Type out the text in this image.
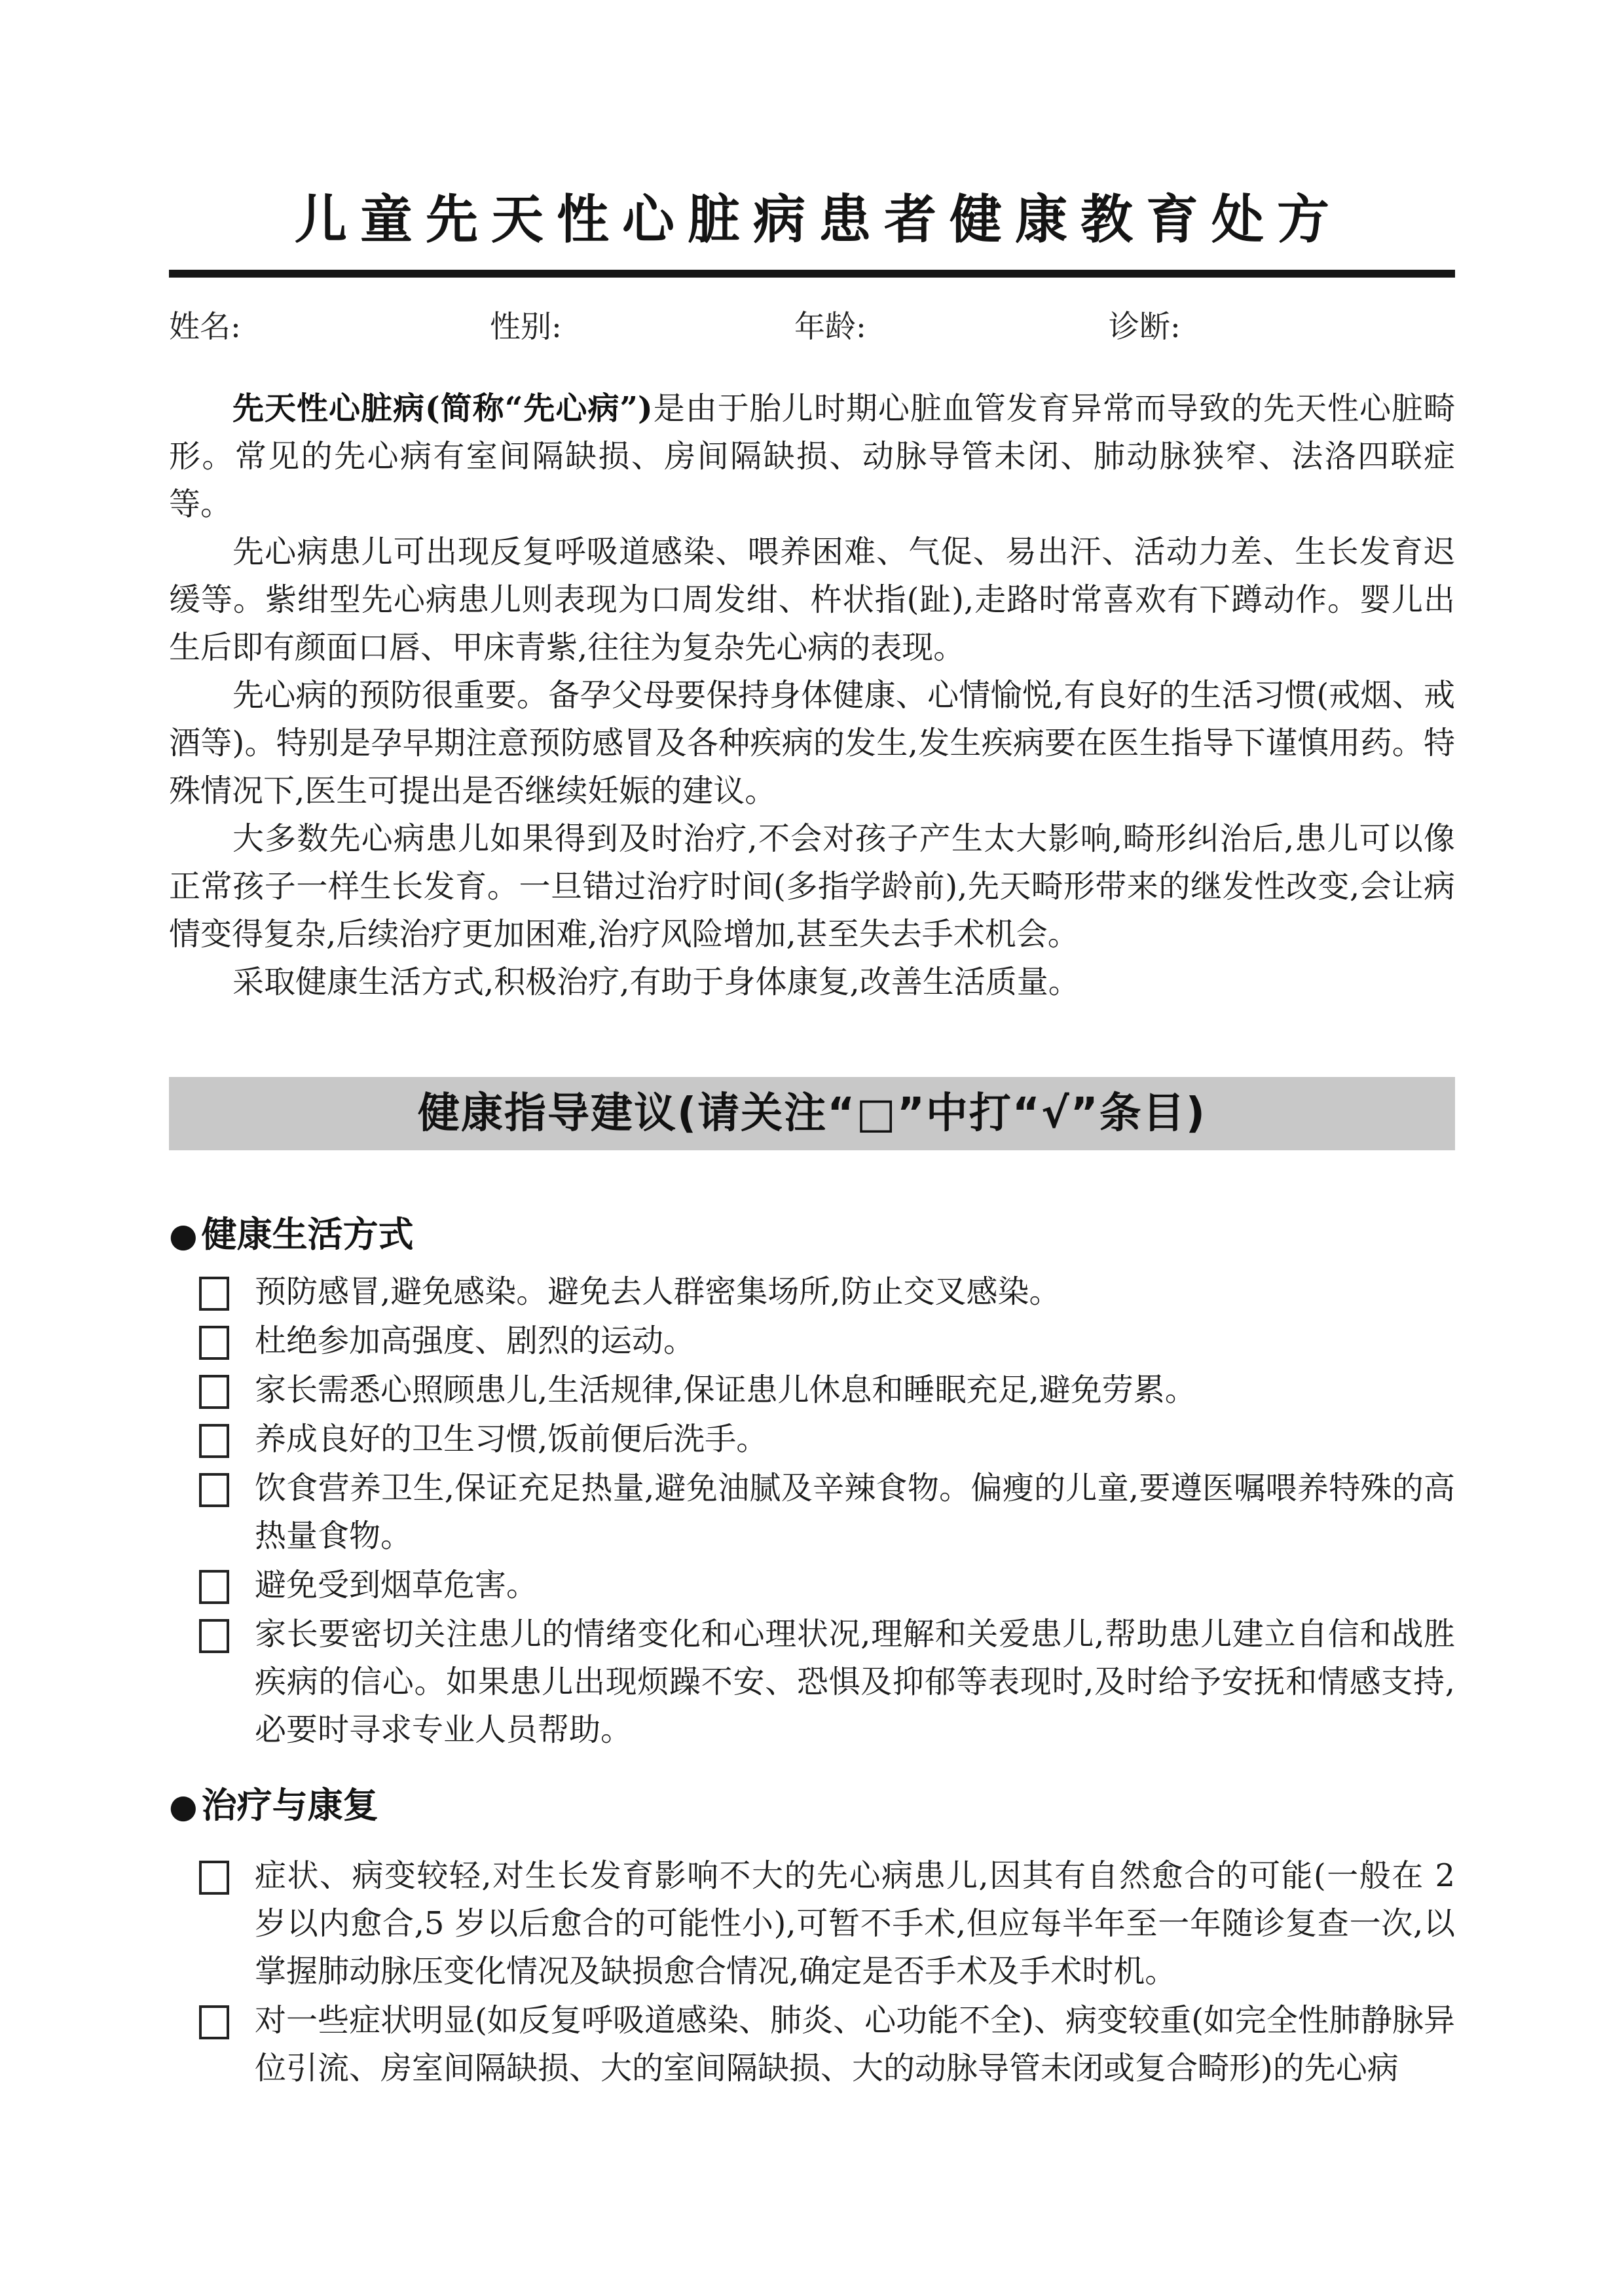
儿童先天性心脏病患者健康教育处方
姓名:	性别:	年龄:	诊断:

先天性心脏病(简称“先心病”)是由于胎儿时期心脏血管发育异常而导致的先天性心脏畸形。常见的先心病有室间隔缺损、房间隔缺损、动脉导管未闭、肺动脉狭窄、法洛四联症等。

先心病患儿可出现反复呼吸道感染、喂养困难、气促、易出汗、活动力差、生长发育迟缓等。紫绀型先心病患儿则表现为口周发绀、杵状指(趾),走路时常喜欢有下蹲动作。婴儿出生后即有颜面口唇、甲床青紫,往往为复杂先心病的表现。

先心病的预防很重要。备孕父母要保持身体健康、心情愉悦,有良好的生活习惯(戒烟、戒酒等)。特别是孕早期注意预防感冒及各种疾病的发生,发生疾病要在医生指导下谨慎用药。特殊情况下,医生可提出是否继续妊娠的建议。

大多数先心病患儿如果得到及时治疗,不会对孩子产生太大影响,畸形纠治后,患儿可以像正常孩子一样生长发育。一旦错过治疗时间(多指学龄前),先天畸形带来的继发性改变,会让病情变得复杂,后续治疗更加困难,治疗风险增加,甚至失去手术机会。

采取健康生活方式,积极治疗,有助于身体康复,改善生活质量。

健康指导建议(请关注“□”中打“√”条目)
● 健康生活方式
预防感冒,避免感染。避免去人群密集场所,防止交叉感染。
杜绝参加高强度、剧烈的运动。
家长需悉心照顾患儿,生活规律,保证患儿休息和睡眠充足,避免劳累。
养成良好的卫生习惯,饭前便后洗手。
饮食营养卫生,保证充足热量,避免油腻及辛辣食物。偏瘦的儿童,要遵医嘱喂养特殊的高热量食物。
避免受到烟草危害。
家长要密切关注患儿的情绪变化和心理状况,理解和关爱患儿,帮助患儿建立自信和战胜疾病的信心。如果患儿出现烦躁不安、恐惧及抑郁等表现时,及时给予安抚和情感支持,必要时寻求专业人员帮助。
● 治疗与康复
症状、病变较轻,对生长发育影响不大的先心病患儿,因其有自然愈合的可能(一般在 2 岁以内愈合,5 岁以后愈合的可能性小),可暂不手术,但应每半年至一年随诊复查一次,以掌握肺动脉压变化情况及缺损愈合情况,确定是否手术及手术时机。
对一些症状明显(如反复呼吸道感染、肺炎、心功能不全)、病变较重(如完全性肺静脉异位引流、房室间隔缺损、大的室间隔缺损、大的动脉导管未闭或复合畸形)的先心病
